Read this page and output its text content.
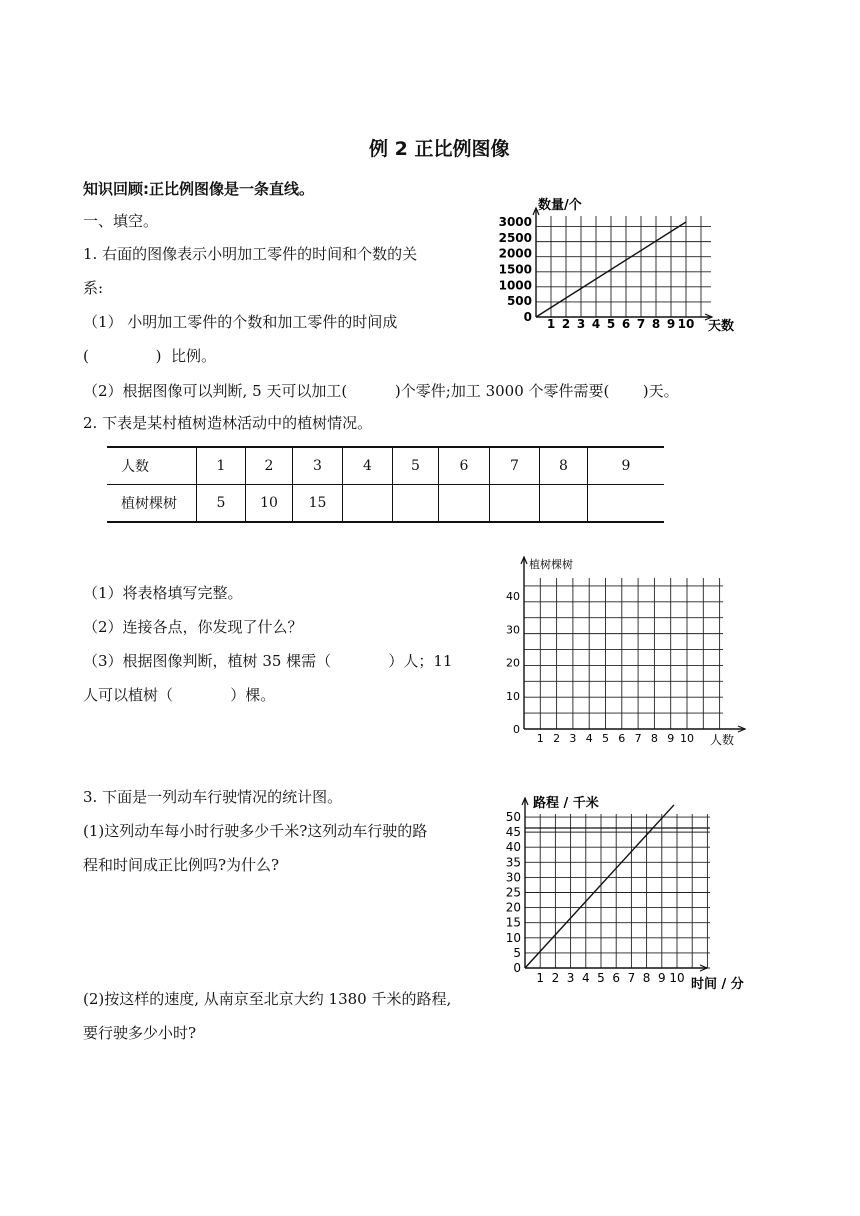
例 2 正比例图像
知识回顾:正比例图像是一条直线。
一、填空。
1. 右面的图像表示小明加工零件的时间和个数的关
系:
（1） 小明加工零件的个数和加工零件的时间成
(              )  比例。
（2）根据图像可以判断, 5 天可以加工(          )个零件;加工 3000 个零件需要(       )天。
数量/个
天数
1 2 3 4 5 6 7 8 9 10
0
500
1000
1500
2000
2500
3000
2. 下表是某村植树造林活动中的植树情况。
人数	1	2	3	4	5	6	7	8	9
植树棵树	5	10	15						
（1）将表格填写完整。
（2）连接各点，你发现了什么？
（3）根据图像判断，植树 35 棵需（            ）人；11
人可以植树（            ）棵。
植树棵树
人数
1 2 3 4 5 6 7 8 9 10
0
10
20
30
40
3. 下面是一列动车行驶情况的统计图。
(1)这列动车每小时行驶多少千米?这列动车行驶的路
程和时间成正比例吗?为什么?
(2)按这样的速度, 从南京至北京大约 1380 千米的路程,
要行驶多少小时?
路程 / 千米
时间 / 分
1 2 3 4 5 6 7 8 9 10
0
5
10
15
20
25
30
35
40
45
50
